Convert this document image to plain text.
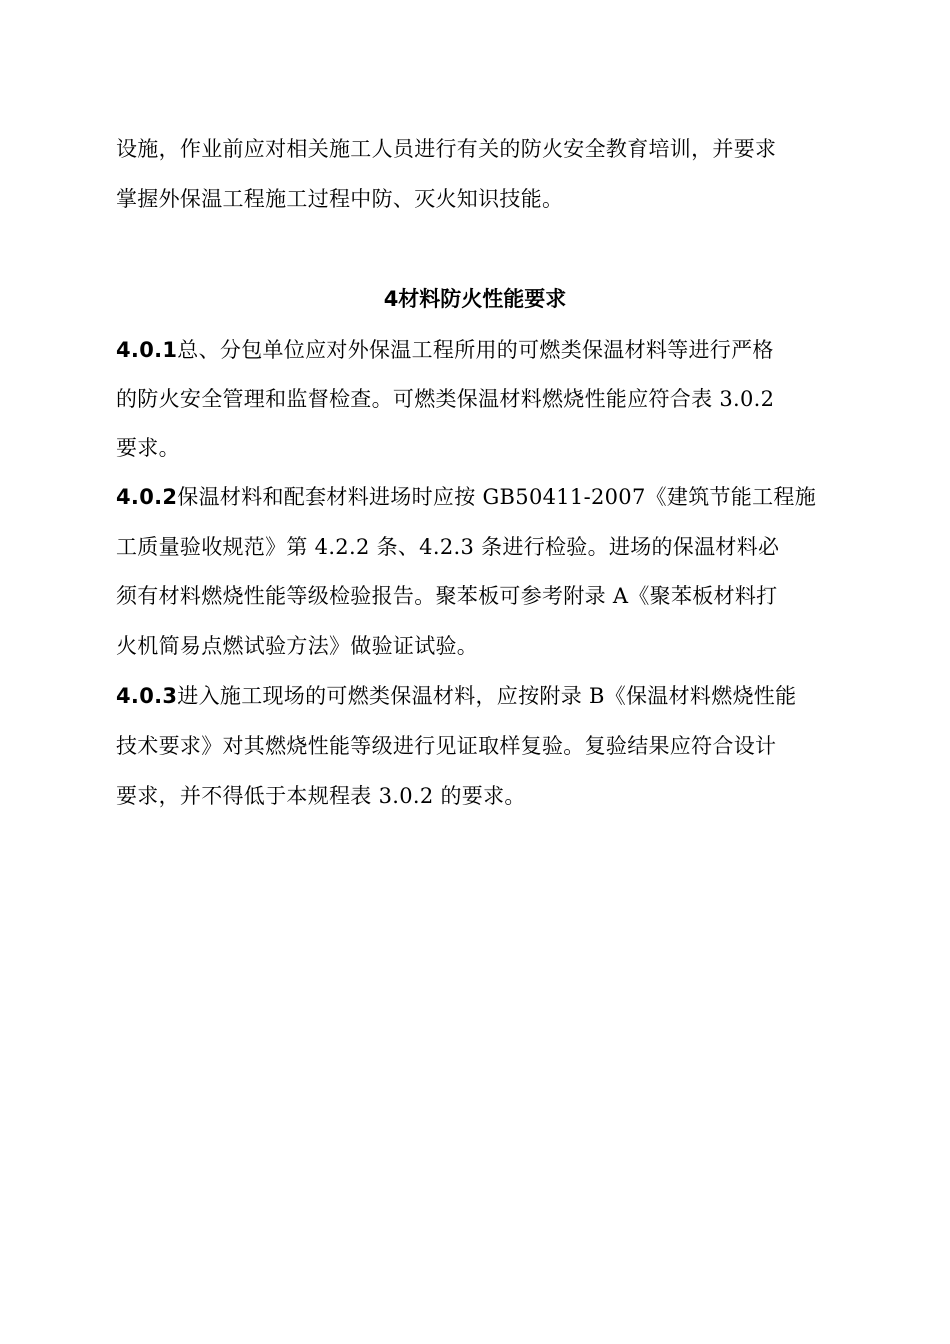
设施，作业前应对相关施工人员进行有关的防火安全教育培训，并要求
掌握外保温工程施工过程中防、灭火知识技能。
4材料防火性能要求
4.0.1总、分包单位应对外保温工程所用的可燃类保温材料等进行严格
的防火安全管理和监督检查。可燃类保温材料燃烧性能应符合表 3.0.2
要求。
4.0.2保温材料和配套材料进场时应按 GB50411-2007《建筑节能工程施
工质量验收规范》第 4.2.2 条、4.2.3 条进行检验。进场的保温材料必
须有材料燃烧性能等级检验报告。聚苯板可参考附录 A《聚苯板材料打
火机简易点燃试验方法》做验证试验。
4.0.3进入施工现场的可燃类保温材料，应按附录 B《保温材料燃烧性能
技术要求》对其燃烧性能等级进行见证取样复验。复验结果应符合设计
要求，并不得低于本规程表 3.0.2 的要求。
